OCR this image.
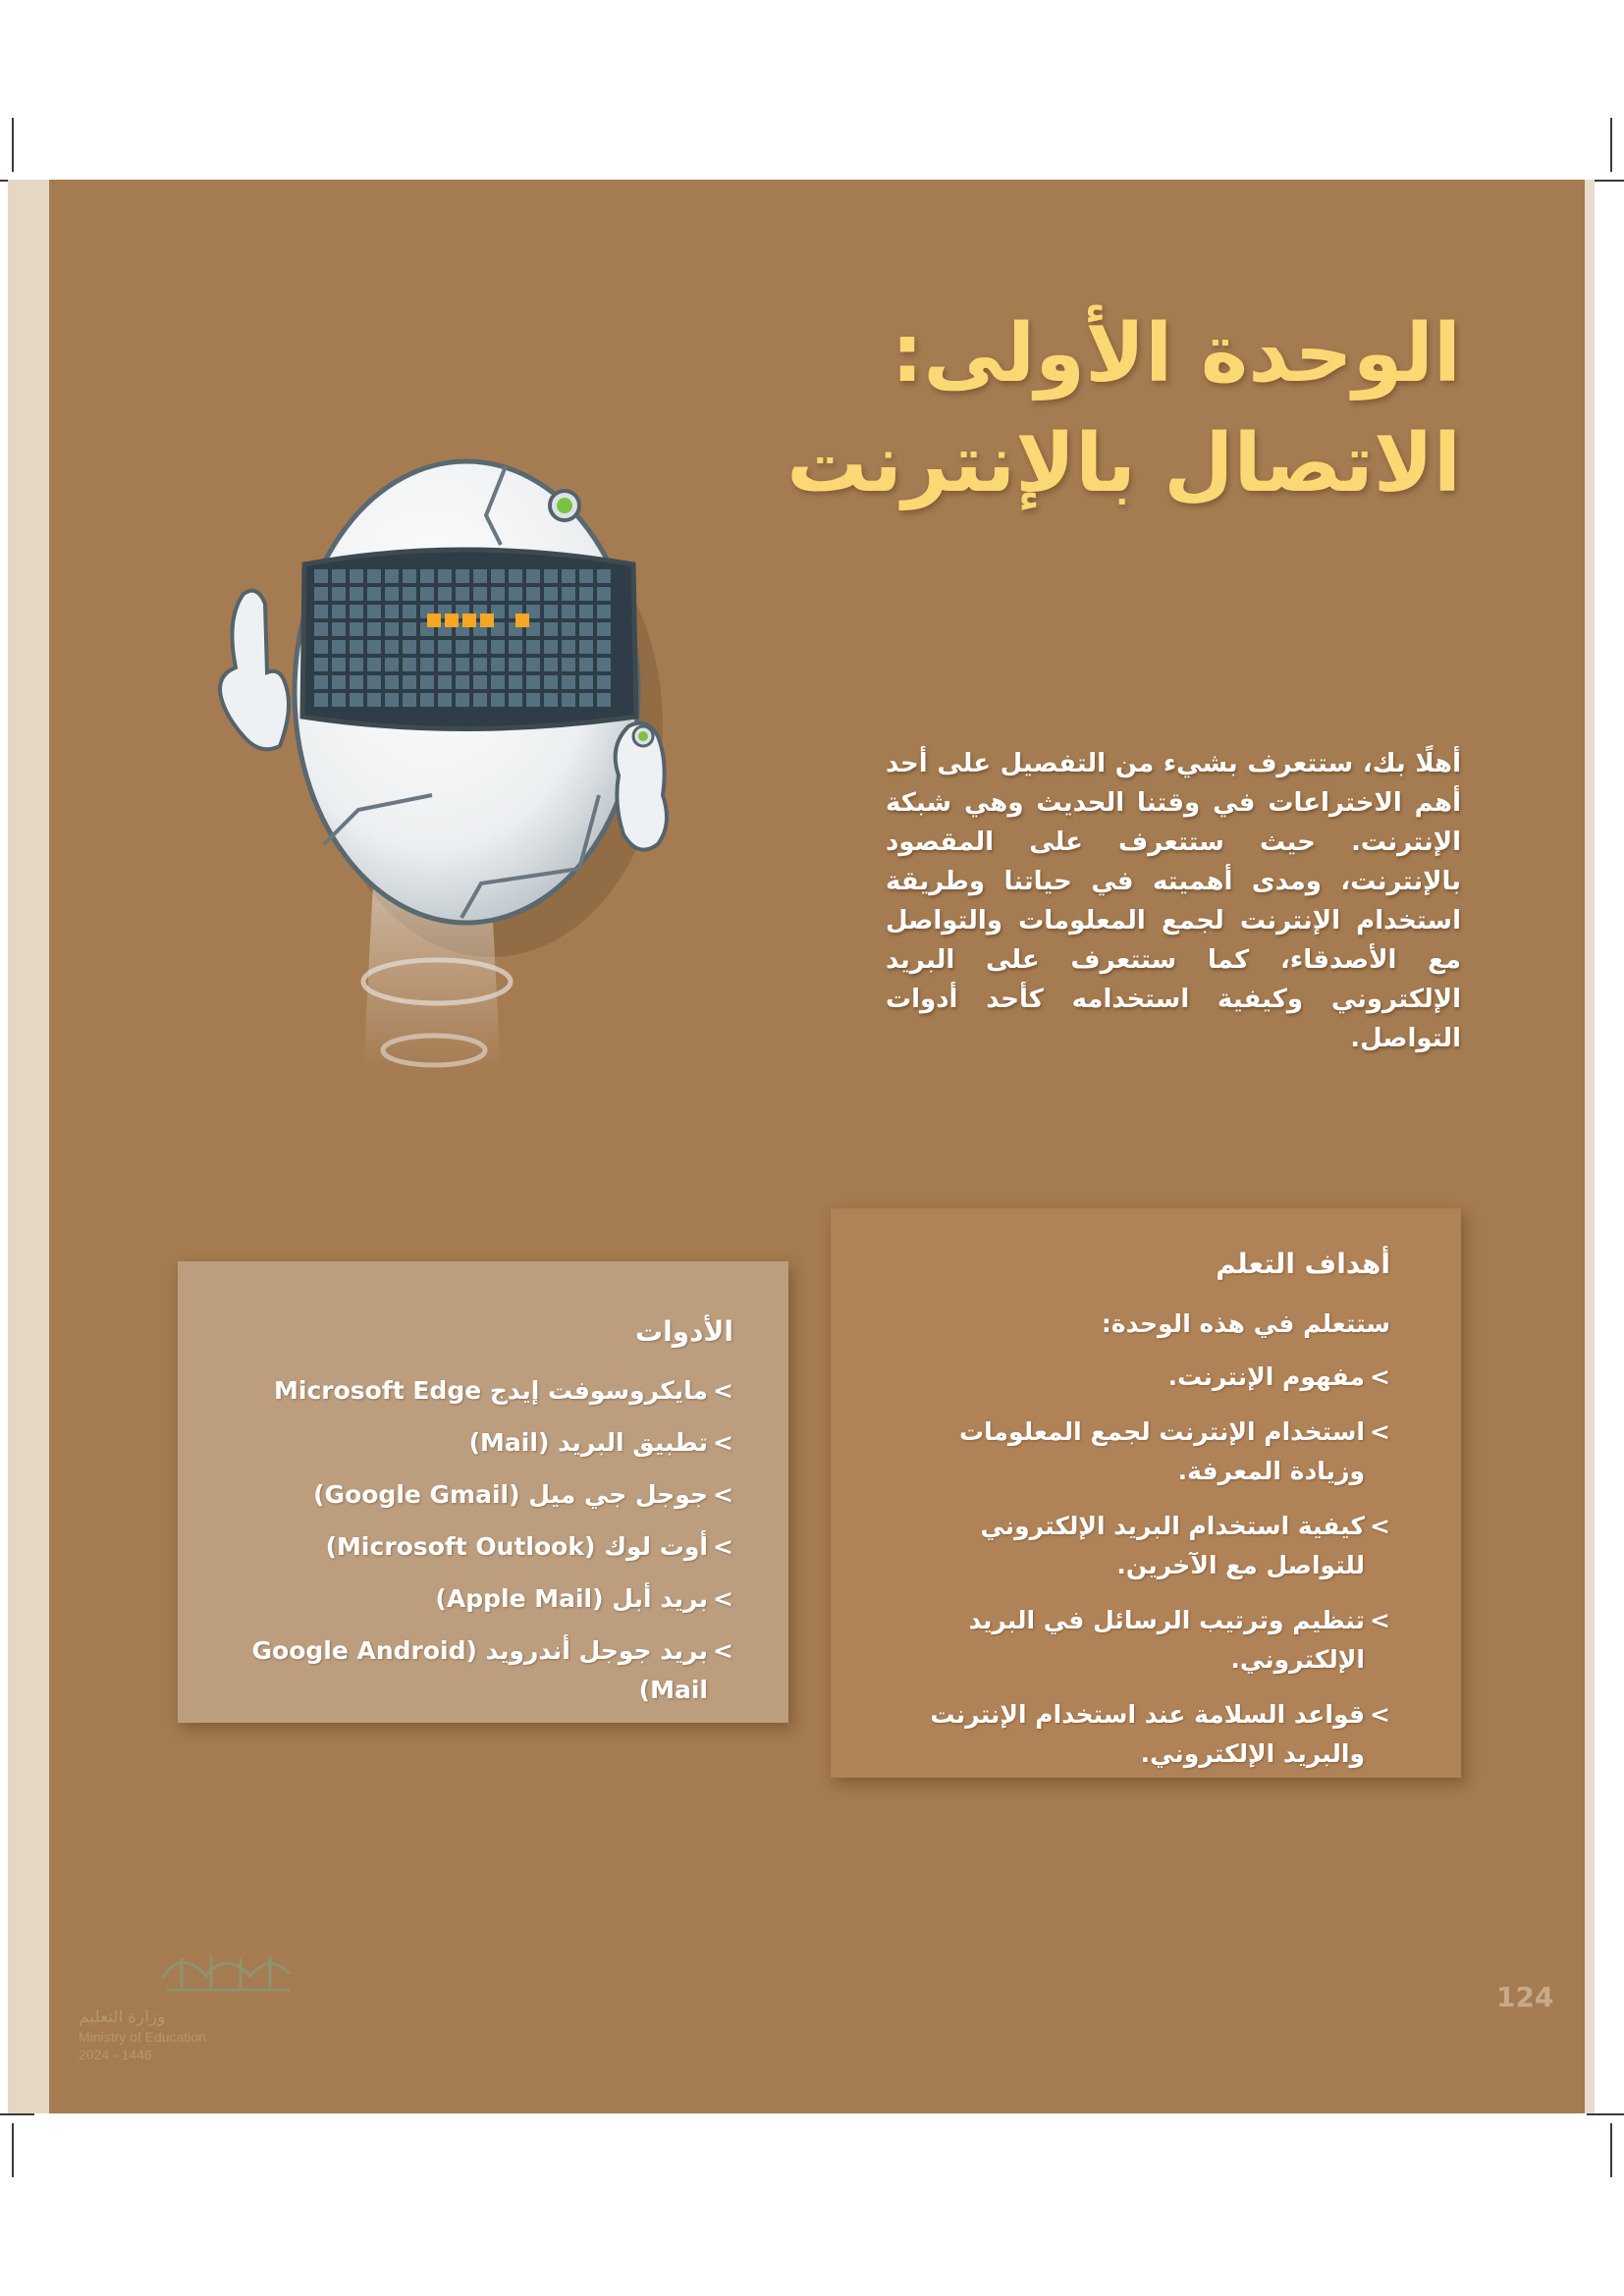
الوحدة الأولى:
الاتصال بالإنترنت
أهلًا بك، ستتعرف بشيء من التفصيل على أحد أهم الاختراعات في وقتنا الحديث وهي شبكة الإنترنت. حيث ستتعرف على المقصود بالإنترنت، ومدى أهميته في حياتنا وطريقة استخدام الإنترنت لجمع المعلومات والتواصل مع الأصدقاء، كما ستتعرف على البريد الإلكتروني وكيفية استخدامه كأحد أدوات التواصل.
أهداف التعلم
ستتعلم في هذه الوحدة:
> مفهوم الإنترنت.
> استخدام الإنترنت لجمع المعلومات وزيادة المعرفة.
> كيفية استخدام البريد الإلكتروني للتواصل مع الآخرين.
> تنظيم وترتيب الرسائل في البريد الإلكتروني.
> قواعد السلامة عند استخدام الإنترنت والبريد الإلكتروني.
الأدوات
> مايكروسوفت إيدج Microsoft Edge
> تطبيق البريد (Mail)
> جوجل جي ميل (Google Gmail)
> أوت لوك (Microsoft Outlook)
> بريد أبل (Apple Mail)
> بريد جوجل أندرويد (Google Android Mail)
وزارة التعليم
Ministry of Education
2024 - 1446
124
